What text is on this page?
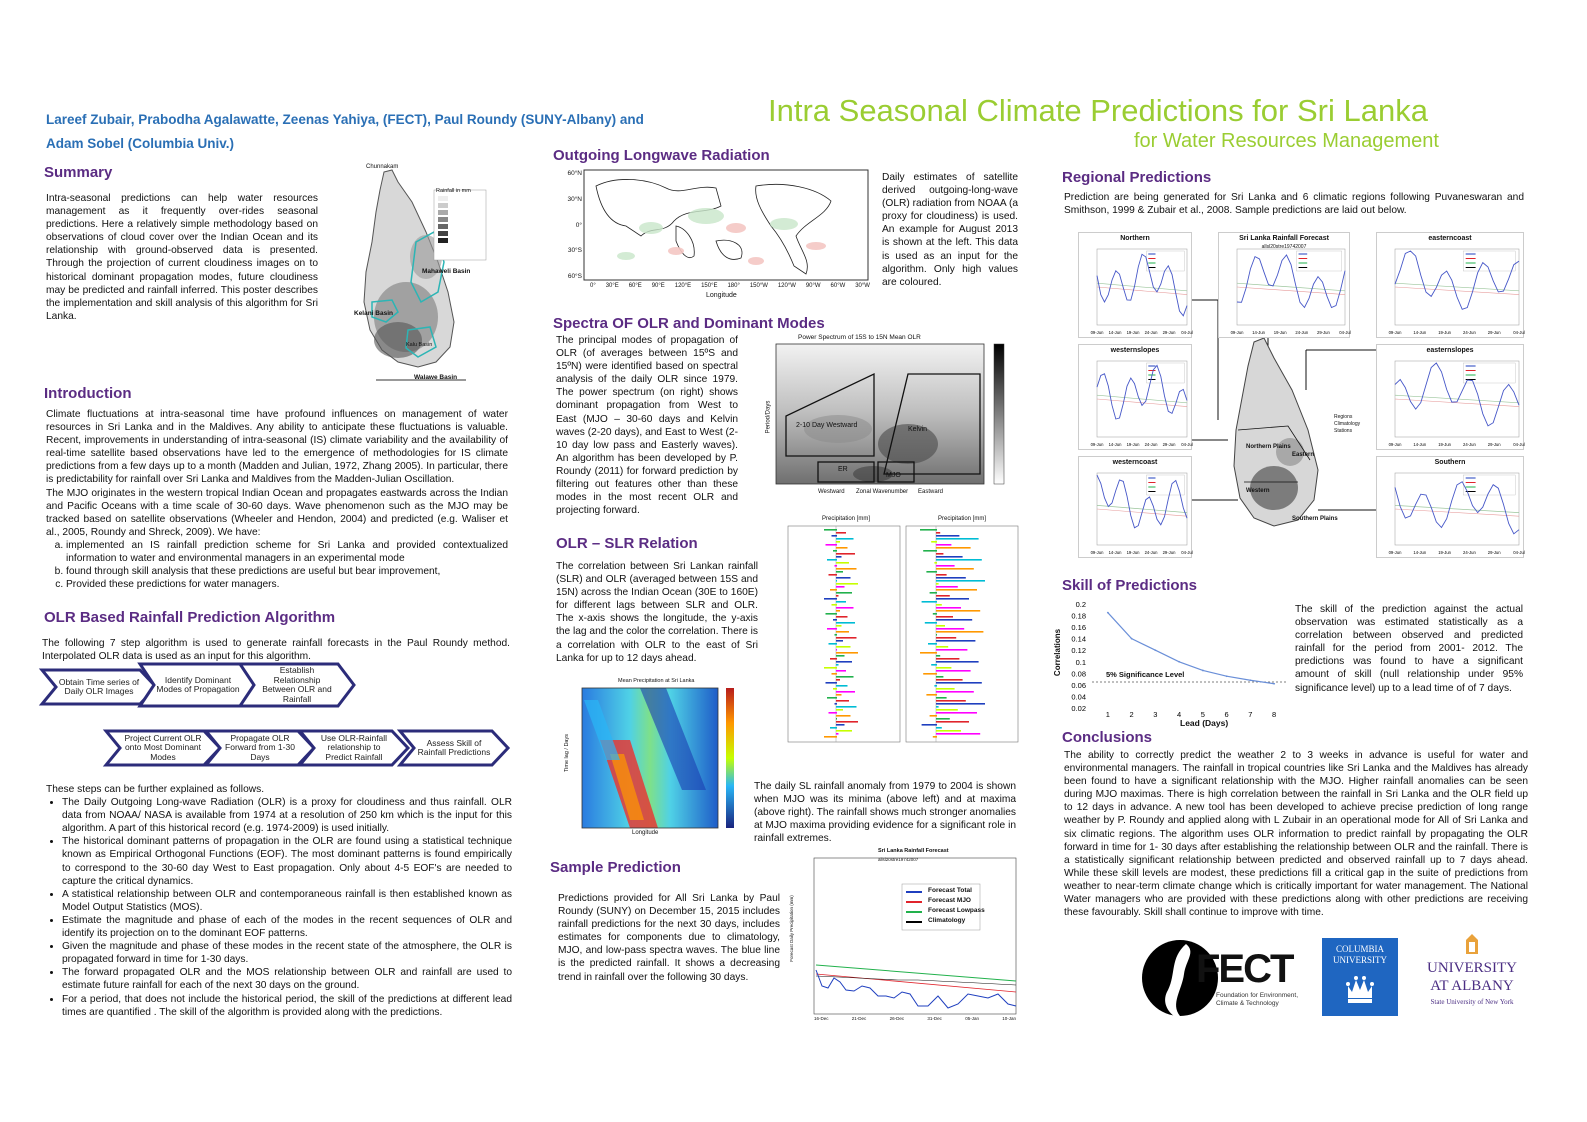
Lareef Zubair, Prabodha Agalawatte, Zeenas Yahiya, (FECT), Paul Roundy (SUNY-Albany) and
Adam Sobel (Columbia Univ.)
Intra Seasonal Climate Predictions for Sri Lanka
for Water Resources Management
Summary
Intra-seasonal predictions can help water resources management as it frequently over-rides seasonal predictions. Here a relatively simple methodology based on observations of cloud cover over the Indian Ocean and its relationship with ground-observed data is presented. Through the projection of current cloudiness images on to historical dominant propagation modes, future cloudiness may be predicted and rainfall inferred. This poster describes the implementation and skill analysis of this algorithm for Sri Lanka.
Chunnakam
Rainfall in mm
Mahaweli Basin
Kelani Basin
Walawe Basin
Kalu Basin
Introduction

Climate fluctuations at intra-seasonal time have profound influences on management of water resources in Sri Lanka and in the Maldives. Any ability to anticipate these fluctuations is valuable. Recent, improvements in understanding of intra-seasonal (IS) climate variability and the availability of real-time satellite based observations have led to the emergence of methodologies for IS climate predictions from a few days up to a month (Madden and Julian, 1972, Zhang 2005). In particular, there is predictability for rainfall over Sri Lanka and Maldives from the Madden-Julian Oscillation.

The MJO originates in the western tropical Indian Ocean and propagates eastwards across the Indian and Pacific Oceans with a time scale of 30-60 days. Wave phenomenon such as the MJO may be tracked based on satellite observations (Wheeler and Hendon, 2004) and predicted (e.g. Waliser et al., 2005, Roundy and Shreck, 2009). We have:

a. implemented an IS rainfall prediction scheme for Sri Lanka and provided contextualized information to water and environmental managers in an experimental mode
b. found through skill analysis that these predictions are useful but bear improvement,
c. Provided these predictions for water managers.
OLR Based Rainfall Prediction Algorithm
The following 7 step algorithm is used to generate rainfall forecasts in the Paul Roundy method. Interpolated OLR data is used as an input for this algorithm.
Obtain Time series of Daily OLR Images
Identify Dominant Modes of Propagation
Establish Relationship Between OLR and Rainfall
Project Current OLR onto Most Dominant Modes
Propagate OLR Forward from 1-30 Days
Use OLR-Rainfall relationship to Predict Rainfall
Assess Skill of Rainfall Predictions

These steps can be further explained as follows.

• The Daily Outgoing Long-wave Radiation (OLR) is a proxy for cloudiness and thus rainfall. OLR data from NOAA/ NASA is available from 1974 at a resolution of 250 km which is the input for this algorithm. A part of this historical record (e.g. 1974-2009) is used initially.
• The historical dominant patterns of propagation in the OLR are found using a statistical technique known as Empirical Orthogonal Functions (EOF). The most dominant patterns is found empirically to correspond to the 30-60 day West to East propagation. Only about 4-5 EOF's are needed to capture the critical dynamics.
• A statistical relationship between OLR and contemporaneous rainfall is then established known as Model Output Statistics (MOS).
• Estimate the magnitude and phase of each of the modes in the recent sequences of OLR and identify its projection on to the dominant EOF patterns.
• Given the magnitude and phase of these modes in the recent state of the atmosphere, the OLR is propagated forward in time for 1-30 days.
• The forward propagated OLR and the MOS relationship between OLR and rainfall are used to estimate future rainfall for each of the next 30 days on the ground.
• For a period, that does not include the historical period, the skill of the predictions at different lead times are quantified . The skill of the algorithm is provided along with the predictions.
Outgoing Longwave Radiation
60°N
30°N
0°
30°S
60°S
0° 30°E 60°E 90°E 120°E 150°E 180° 150°W 120°W 90°W 60°W 30°W
Longitude
Daily estimates of satellite derived outgoing-long-wave (OLR) radiation from NOAA (a proxy for cloudiness) is used. An example for August 2013 is shown at the left. This data is used as an input for the algorithm. Only high values are coloured.
Spectra OF OLR and Dominant Modes
The principal modes of propagation of OLR (of averages between 15ºS and 15ºN) were identified based on spectral analysis of the daily OLR since 1979. The power spectrum (on right) shows dominant propagation from West to East (MJO – 30-60 days and Kelvin waves (2-20 days), and East to West (2-10 day low pass and Easterly waves). An algorithm has been developed by P. Roundy (2011) for forward prediction by filtering out features other than these modes in the most recent OLR and projecting forward.
Power Spectrum of 15S to 15N Mean OLR
2-10 Day Westward
Kelvin
ER
MJO
Westward Zonal Wavenumber Eastward
Period/Days
OLR – SLR Relation
The correlation between Sri Lankan rainfall (SLR) and OLR (averaged between 15S and 15N) across the Indian Ocean (30E to 160E) for different lags between SLR and OLR. The x-axis shows the longitude, the y-axis the lag and the color the correlation. There is a correlation with OLR to the east of Sri Lanka for up to 12 days ahead.
Mean Precipitation at Sri Lanka
Longitude
Time lag / Days
Precipitation [mm]	Precipitation [mm]
The daily SL rainfall anomaly from 1979 to 2004 is shown when MJO was its minima (above left) and at maxima (above right). The rainfall shows much stronger anomalies at MJO maxima providing evidence for a significant role in rainfall extremes.
Sample Prediction
Predictions provided for All Sri Lanka by Paul Roundy (SUNY) on December 15, 2015 includes rainfall predictions for the next 30 days, includes estimates for components due to climatology, MJO, and low-pass spectra waves. The blue line is the predicted rainfall. It shows a decreasing trend in rainfall over the following 30 days.
Sri Lanka Rainfall Forecast
allsl20stre19742007
Forecast Total
Forecast MJO
Forecast Lowpass
Climatology
Forecast Daily Precipitation (mm)
16-Dec	21-Dec	26-Dec	31-Dec	05-Jan	10-Jan
Regional Predictions
Prediction are being generated for Sri Lanka and 6 climatic regions following Puvaneswaran and Smithson, 1999 & Zubair et al., 2008. Sample predictions are laid out below.
Northern Plains
Eastern
Western
Southern Plains
Regions
Climatology
Stations
Northern
09-Jun 14-Jun 19-Jun 24-Jun 29-Jun 04-Jul
Sri Lanka Rainfall Forecast
allsl20stre19742007
09-Jun 14-Jun 19-Jun 24-Jun 29-Jun 04-Jul
easterncoast
09-Jun	14-Jun	19-Jun	24-Jun	29-Jun	04-Jul
westernslopes
09-Jun 14-Jun 19-Jun 24-Jun 29-Jun 04-Jul
easternslopes
09-Jun	14-Jun	19-Jun	24-Jun	29-Jun	04-Jul
westerncoast
09-Jun 14-Jun 19-Jun 24-Jun 29-Jun 04-Jul
Southern
09-Jun	14-Jun	19-Jun	24-Jun	29-Jun	04-Jul
Skill of Predictions
0.2
0.18
0.16
0.14
0.12
0.1
0.08
0.06
0.04
0.02
1	2	3	4	5	6	7	8
Correlations
Lead (Days)
5% Significance Level
The skill of the prediction against the actual observation was estimated statistically as a correlation between observed and predicted rainfall for the period from 2001- 2012. The predictions was found to have a significant amount of skill (null relationship under 95% significance level) up to a lead time of of 7 days.
Conclusions
The ability to correctly predict the weather 2 to 3 weeks in advance is useful for water and environmental managers. The rainfall in tropical countries like Sri Lanka and the Maldives has already been found to have a significant relationship with the MJO. Higher rainfall anomalies can be seen during MJO maximas. There is high correlation between the rainfall in Sri Lanka and the OLR field up to 12 days in advance. A new tool has been developed to achieve precise prediction of long range weather by P. Roundy and applied along with L Zubair in an operational mode for All of Sri Lanka and six climatic regions. The algorithm uses OLR information to predict rainfall by propagating the OLR forward in time for 1- 30 days after establishing the relationship between OLR and the rainfall. There is a statistically significant relationship between predicted and observed rainfall up to 7 days ahead. While these skill levels are modest, these predictions fill a critical gap in the suite of predictions from weather to near-term climate change which is critically important for water management. The National Water managers who are provided with these predictions along with other predictions are receiving these favourably. Skill shall continue to improve with time.
FECT
Foundation for Environment, Climate & Technology
COLUMBIA UNIVERSITY	UNIVERSITY
AT ALBANY
State University of New York
